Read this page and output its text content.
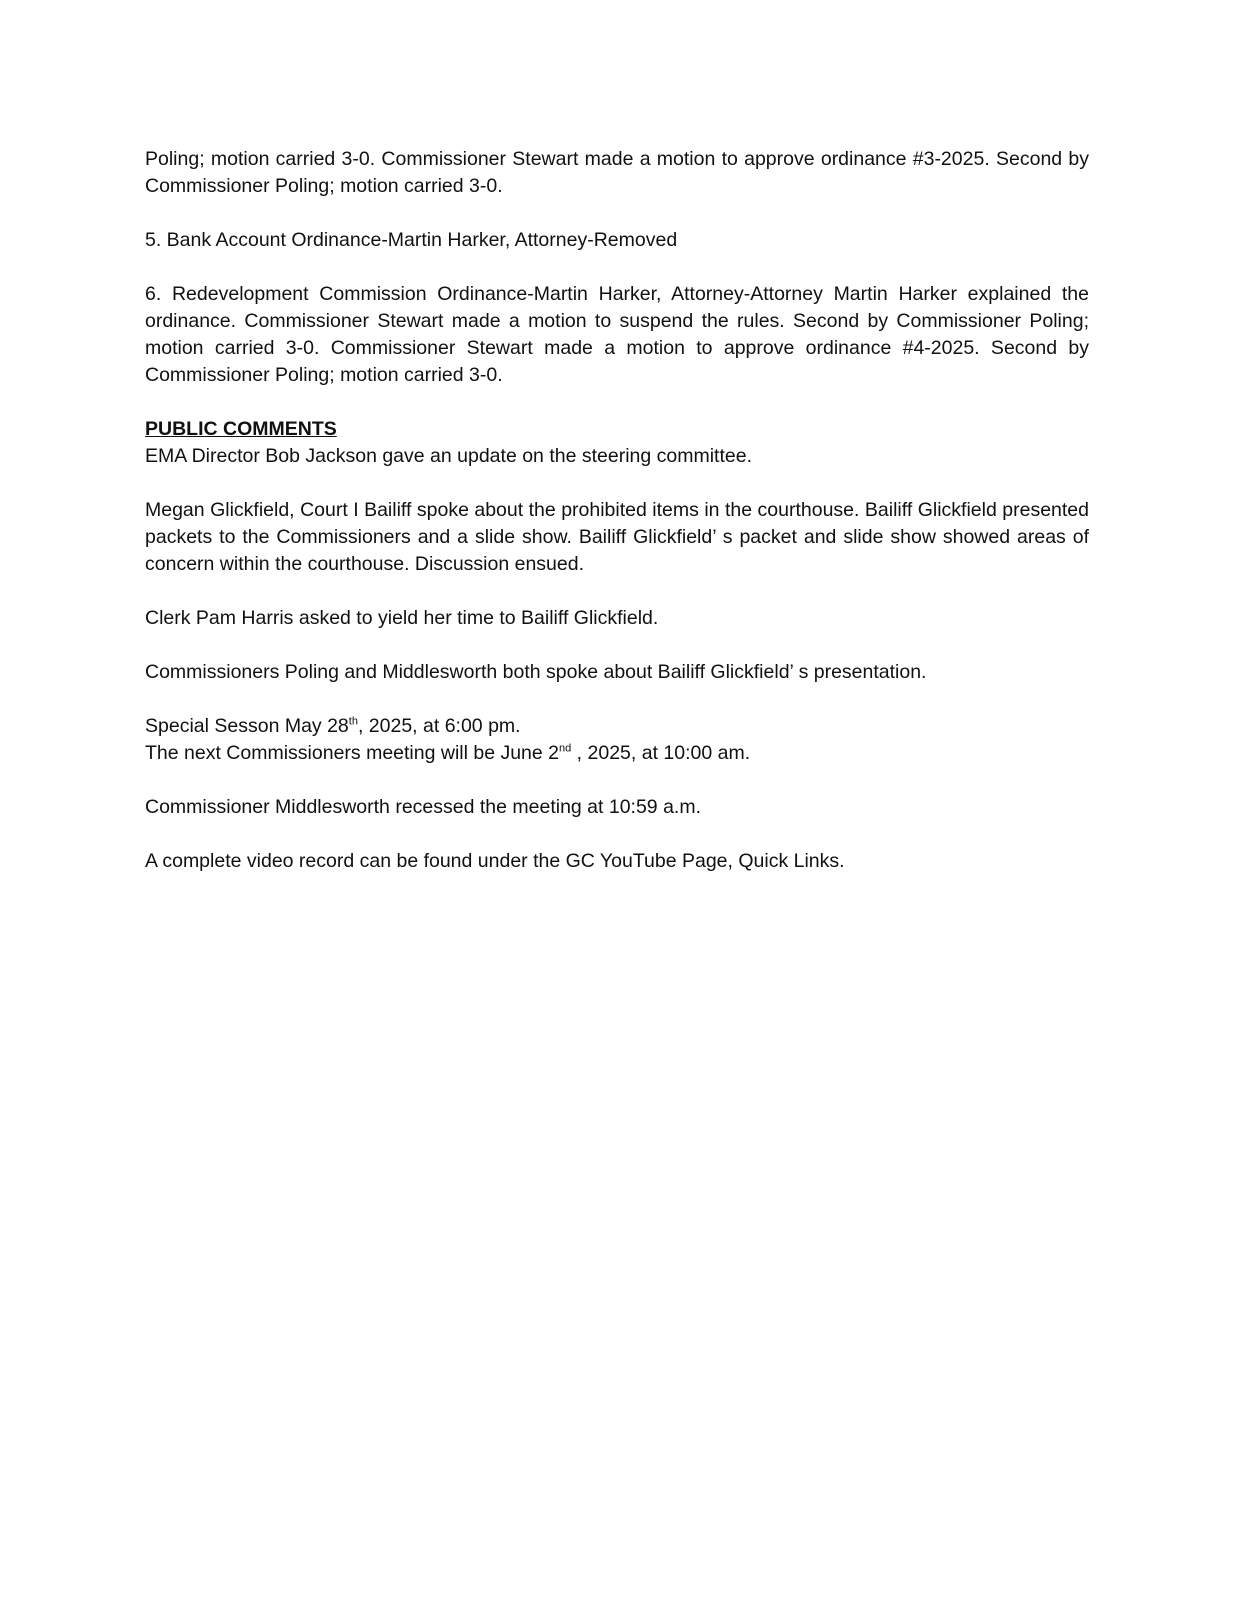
Poling; motion carried 3-0. Commissioner Stewart made a motion to approve ordinance #3-2025. Second by Commissioner Poling; motion carried 3-0.

5. Bank Account Ordinance-Martin Harker, Attorney-Removed

6. Redevelopment Commission Ordinance-Martin Harker, Attorney-Attorney Martin Harker explained the ordinance. Commissioner Stewart made a motion to suspend the rules. Second by Commissioner Poling; motion carried 3-0. Commissioner Stewart made a motion to approve ordinance #4-2025. Second by Commissioner Poling; motion carried 3-0.

PUBLIC COMMENTS
EMA Director Bob Jackson gave an update on the steering committee.

Megan Glickfield, Court I Bailiff spoke about the prohibited items in the courthouse. Bailiff Glickfield presented packets to the Commissioners and a slide show. Bailiff Glickfield’ s packet and slide show showed areas of concern within the courthouse. Discussion ensued.

Clerk Pam Harris asked to yield her time to Bailiff Glickfield.

Commissioners Poling and Middlesworth both spoke about Bailiff Glickfield’ s presentation.

Special Sesson May 28th, 2025, at 6:00 pm.
The next Commissioners meeting will be June 2nd , 2025, at 10:00 am.

Commissioner Middlesworth recessed the meeting at 10:59 a.m.

A complete video record can be found under the GC YouTube Page, Quick Links.
